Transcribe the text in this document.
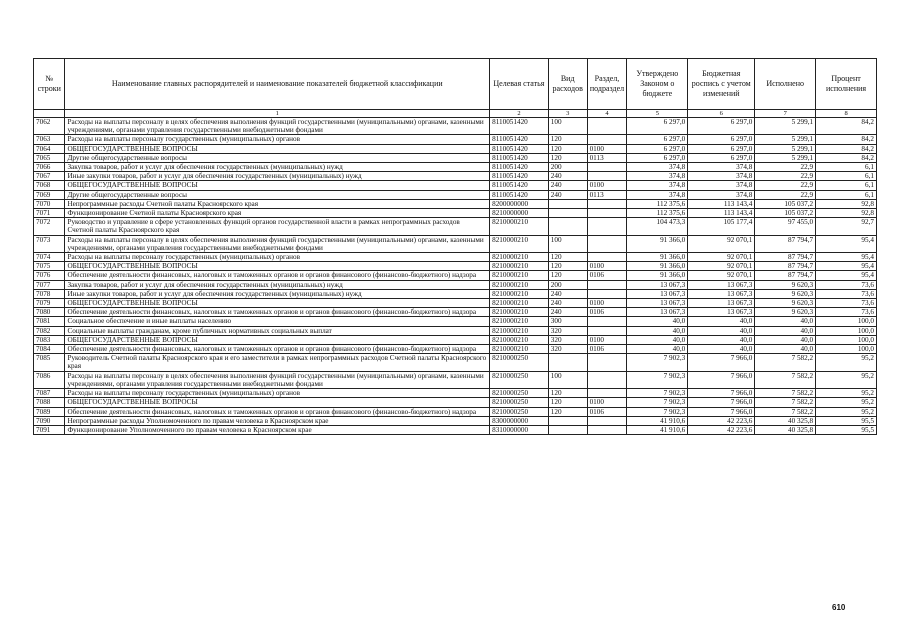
№ строки	Наименование главных распорядителей и наименование показателей бюджетной классификации	Целевая статья	Вид расходов	Раздел, подраздел	Утверждено Законом о бюджете	Бюджетная роспись с учетом изменений	Исполнено	Процент исполнения
	1	2	3	4	5	6	7	8
7062	Расходы на выплаты персоналу в целях обеспечения выполнения функций государственными (муниципальными) органами, казенными учреждениями, органами управления государственными внебюджетными фондами	8110051420	100		6 297,0	6 297,0	5 299,1	84,2
7063	Расходы на выплаты персоналу государственных (муниципальных) органов	8110051420	120		6 297,0	6 297,0	5 299,1	84,2
7064	ОБЩЕГОСУДАРСТВЕННЫЕ ВОПРОСЫ	8110051420	120	0100	6 297,0	6 297,0	5 299,1	84,2
7065	Другие общегосударственные вопросы	8110051420	120	0113	6 297,0	6 297,0	5 299,1	84,2
7066	Закупка товаров, работ и услуг для обеспечения государственных (муниципальных) нужд	8110051420	200		374,8	374,8	22,9	6,1
7067	Иные закупки товаров, работ и услуг для обеспечения государственных (муниципальных) нужд	8110051420	240		374,8	374,8	22,9	6,1
7068	ОБЩЕГОСУДАРСТВЕННЫЕ ВОПРОСЫ	8110051420	240	0100	374,8	374,8	22,9	6,1
7069	Другие общегосударственные вопросы	8110051420	240	0113	374,8	374,8	22,9	6,1
7070	Непрограммные расходы Счетной палаты Красноярского края	8200000000			112 375,6	113 143,4	105 037,2	92,8
7071	Функционирование Счетной палаты Красноярского края	8210000000			112 375,6	113 143,4	105 037,2	92,8
7072	Руководство и управление в сфере установленных функций органов государственной власти в рамках непрограммных расходов Счетной палаты Красноярского края	8210000210			104 473,3	105 177,4	97 455,0	92,7
7073	Расходы на выплаты персоналу в целях обеспечения выполнения функций государственными (муниципальными) органами, казенными учреждениями, органами управления государственными внебюджетными фондами	8210000210	100		91 366,0	92 070,1	87 794,7	95,4
7074	Расходы на выплаты персоналу государственных (муниципальных) органов	8210000210	120		91 366,0	92 070,1	87 794,7	95,4
7075	ОБЩЕГОСУДАРСТВЕННЫЕ ВОПРОСЫ	8210000210	120	0100	91 366,0	92 070,1	87 794,7	95,4
7076	Обеспечение деятельности финансовых, налоговых и таможенных органов и органов финансового (финансово-бюджетного) надзора	8210000210	120	0106	91 366,0	92 070,1	87 794,7	95,4
7077	Закупка товаров, работ и услуг для обеспечения государственных (муниципальных) нужд	8210000210	200		13 067,3	13 067,3	9 620,3	73,6
7078	Иные закупки товаров, работ и услуг для обеспечения государственных (муниципальных) нужд	8210000210	240		13 067,3	13 067,3	9 620,3	73,6
7079	ОБЩЕГОСУДАРСТВЕННЫЕ ВОПРОСЫ	8210000210	240	0100	13 067,3	13 067,3	9 620,3	73,6
7080	Обеспечение деятельности финансовых, налоговых и таможенных органов и органов финансового (финансово-бюджетного) надзора	8210000210	240	0106	13 067,3	13 067,3	9 620,3	73,6
7081	Социальное обеспечение и иные выплаты населению	8210000210	300		40,0	40,0	40,0	100,0
7082	Социальные выплаты гражданам, кроме публичных нормативных социальных выплат	8210000210	320		40,0	40,0	40,0	100,0
7083	ОБЩЕГОСУДАРСТВЕННЫЕ ВОПРОСЫ	8210000210	320	0100	40,0	40,0	40,0	100,0
7084	Обеспечение деятельности финансовых, налоговых и таможенных органов и органов финансового (финансово-бюджетного) надзора	8210000210	320	0106	40,0	40,0	40,0	100,0
7085	Руководитель Счетной палаты Красноярского края и его заместители в рамках непрограммных расходов Счетной палаты Красноярского края	8210000250			7 902,3	7 966,0	7 582,2	95,2
7086	Расходы на выплаты персоналу в целях обеспечения выполнения функций государственными (муниципальными) органами, казенными учреждениями, органами управления государственными внебюджетными фондами	8210000250	100		7 902,3	7 966,0	7 582,2	95,2
7087	Расходы на выплаты персоналу государственных (муниципальных) органов	8210000250	120		7 902,3	7 966,0	7 582,2	95,2
7088	ОБЩЕГОСУДАРСТВЕННЫЕ ВОПРОСЫ	8210000250	120	0100	7 902,3	7 966,0	7 582,2	95,2
7089	Обеспечение деятельности финансовых, налоговых и таможенных органов и органов финансового (финансово-бюджетного) надзора	8210000250	120	0106	7 902,3	7 966,0	7 582,2	95,2
7090	Непрограммные расходы Уполномоченного по правам человека в Красноярском крае	8300000000			41 910,6	42 223,6	40 325,8	95,5
7091	Функционирование Уполномоченного по правам человека в Красноярском крае	8310000000			41 910,6	42 223,6	40 325,8	95,5
610
